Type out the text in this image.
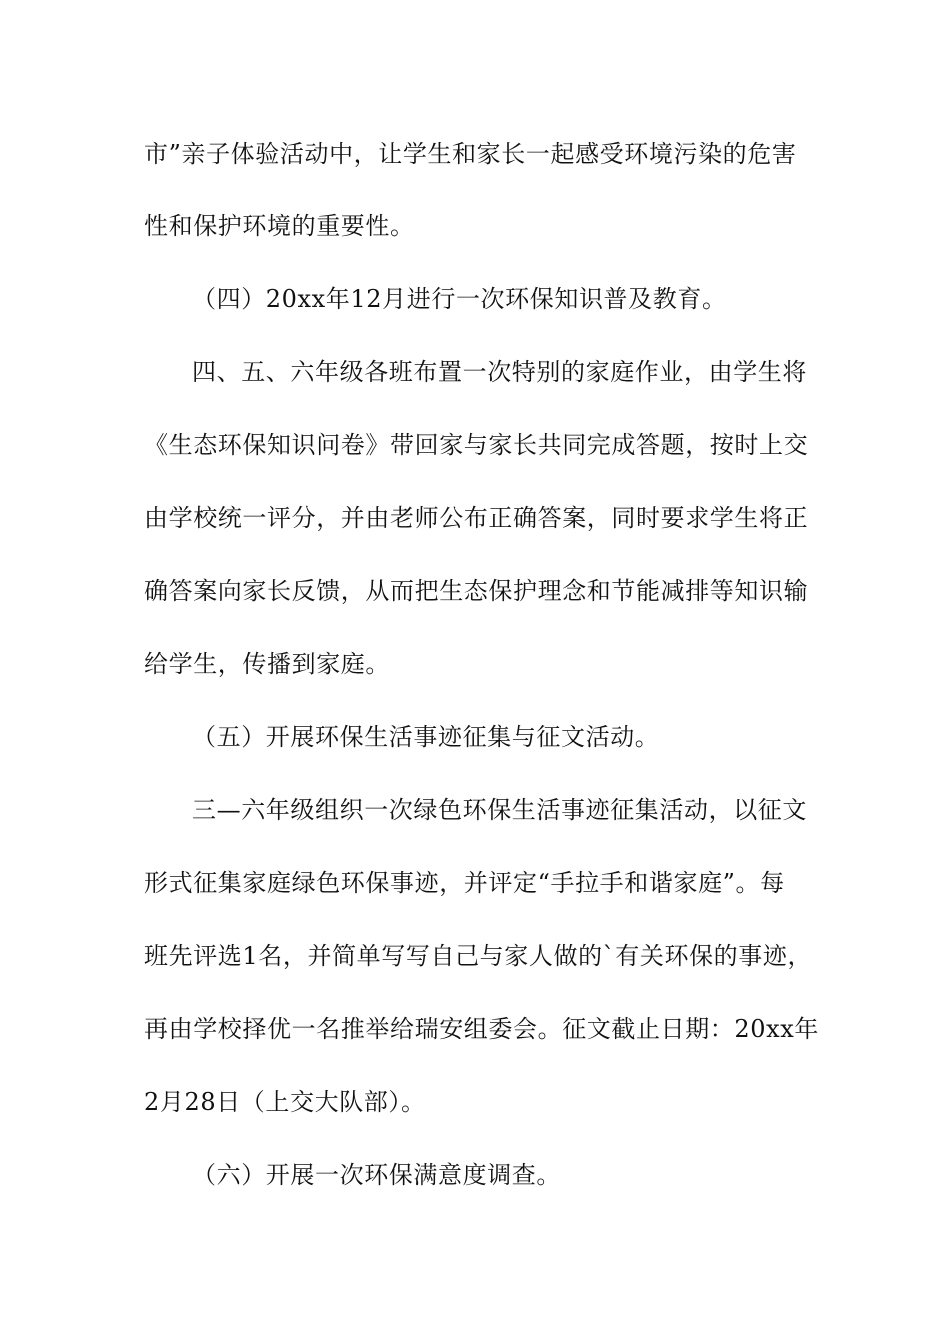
市”亲子体验活动中，让学生和家长一起感受环境污染的危害
性和保护环境的重要性。
（四）20xx年12月进行一次环保知识普及教育。
四、五、六年级各班布置一次特别的家庭作业，由学生将
《生态环保知识问卷》带回家与家长共同完成答题，按时上交
由学校统一评分，并由老师公布正确答案，同时要求学生将正
确答案向家长反馈，从而把生态保护理念和节能减排等知识输
给学生，传播到家庭。
（五）开展环保生活事迹征集与征文活动。
三—六年级组织一次绿色环保生活事迹征集活动，以征文
形式征集家庭绿色环保事迹，并评定“手拉手和谐家庭”。每
班先评选1名，并简单写写自己与家人做的`有关环保的事迹，
再由学校择优一名推举给瑞安组委会。征文截止日期：20xx年
2月28日（上交大队部）。
（六）开展一次环保满意度调查。
